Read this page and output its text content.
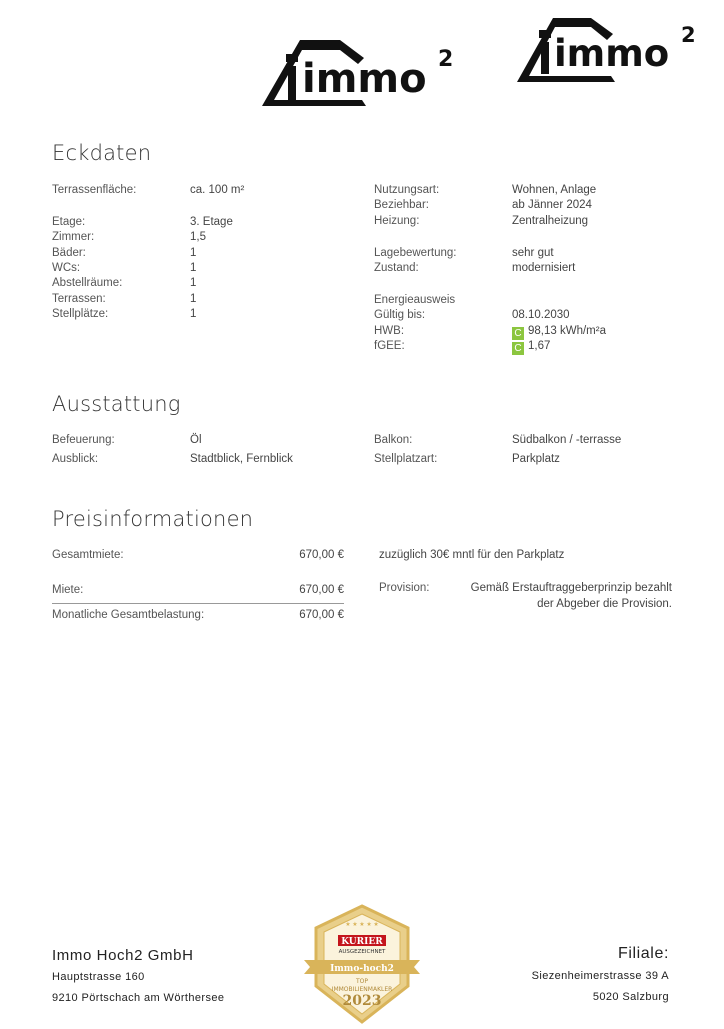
immo 2	immo 2
Eckdaten
Terrassenfläche:	ca. 100 m²
Etage:	3. Etage
Zimmer:	1,5
Bäder:	1
WCs:	1
Abstellräume:	1
Terrassen:	1
Stellplätze:	1
Nutzungsart:	Wohnen, Anlage
Beziehbar:	ab Jänner 2024
Heizung:	Zentralheizung
Lagebewertung:	sehr gut
Zustand:	modernisiert
Energieausweis
Gültig bis:	08.10.2030
HWB:	C 98,13 kWh/m²a
fGEE:	C 1,67
Ausstattung
Befeuerung:	Öl
Ausblick:	Stadtblick, Fernblick
Balkon:	Südbalkon / -terrasse
Stellplatzart:	Parkplatz
Preisinformationen
Gesamtmiete:	670,00 €
Miete:	670,00 €
Monatliche Gesamtbelastung:	670,00 €
zuzüglich 30€ mntl für den Parkplatz
Provision:	Gemäß Erstauftraggeberprinzip bezahlt
der Abgeber die Provision.
Immo Hoch2 GmbH
Hauptstrasse 160
9210 Pörtschach am Wörthersee
Filiale:
Siezenheimerstrasse 39 A
5020 Salzburg
★ ★ ★ ★ ★
KURIER
AUSGEZEICHNET
Immo-hoch2
TOP
IMMOBILIENMAKLER
2023
